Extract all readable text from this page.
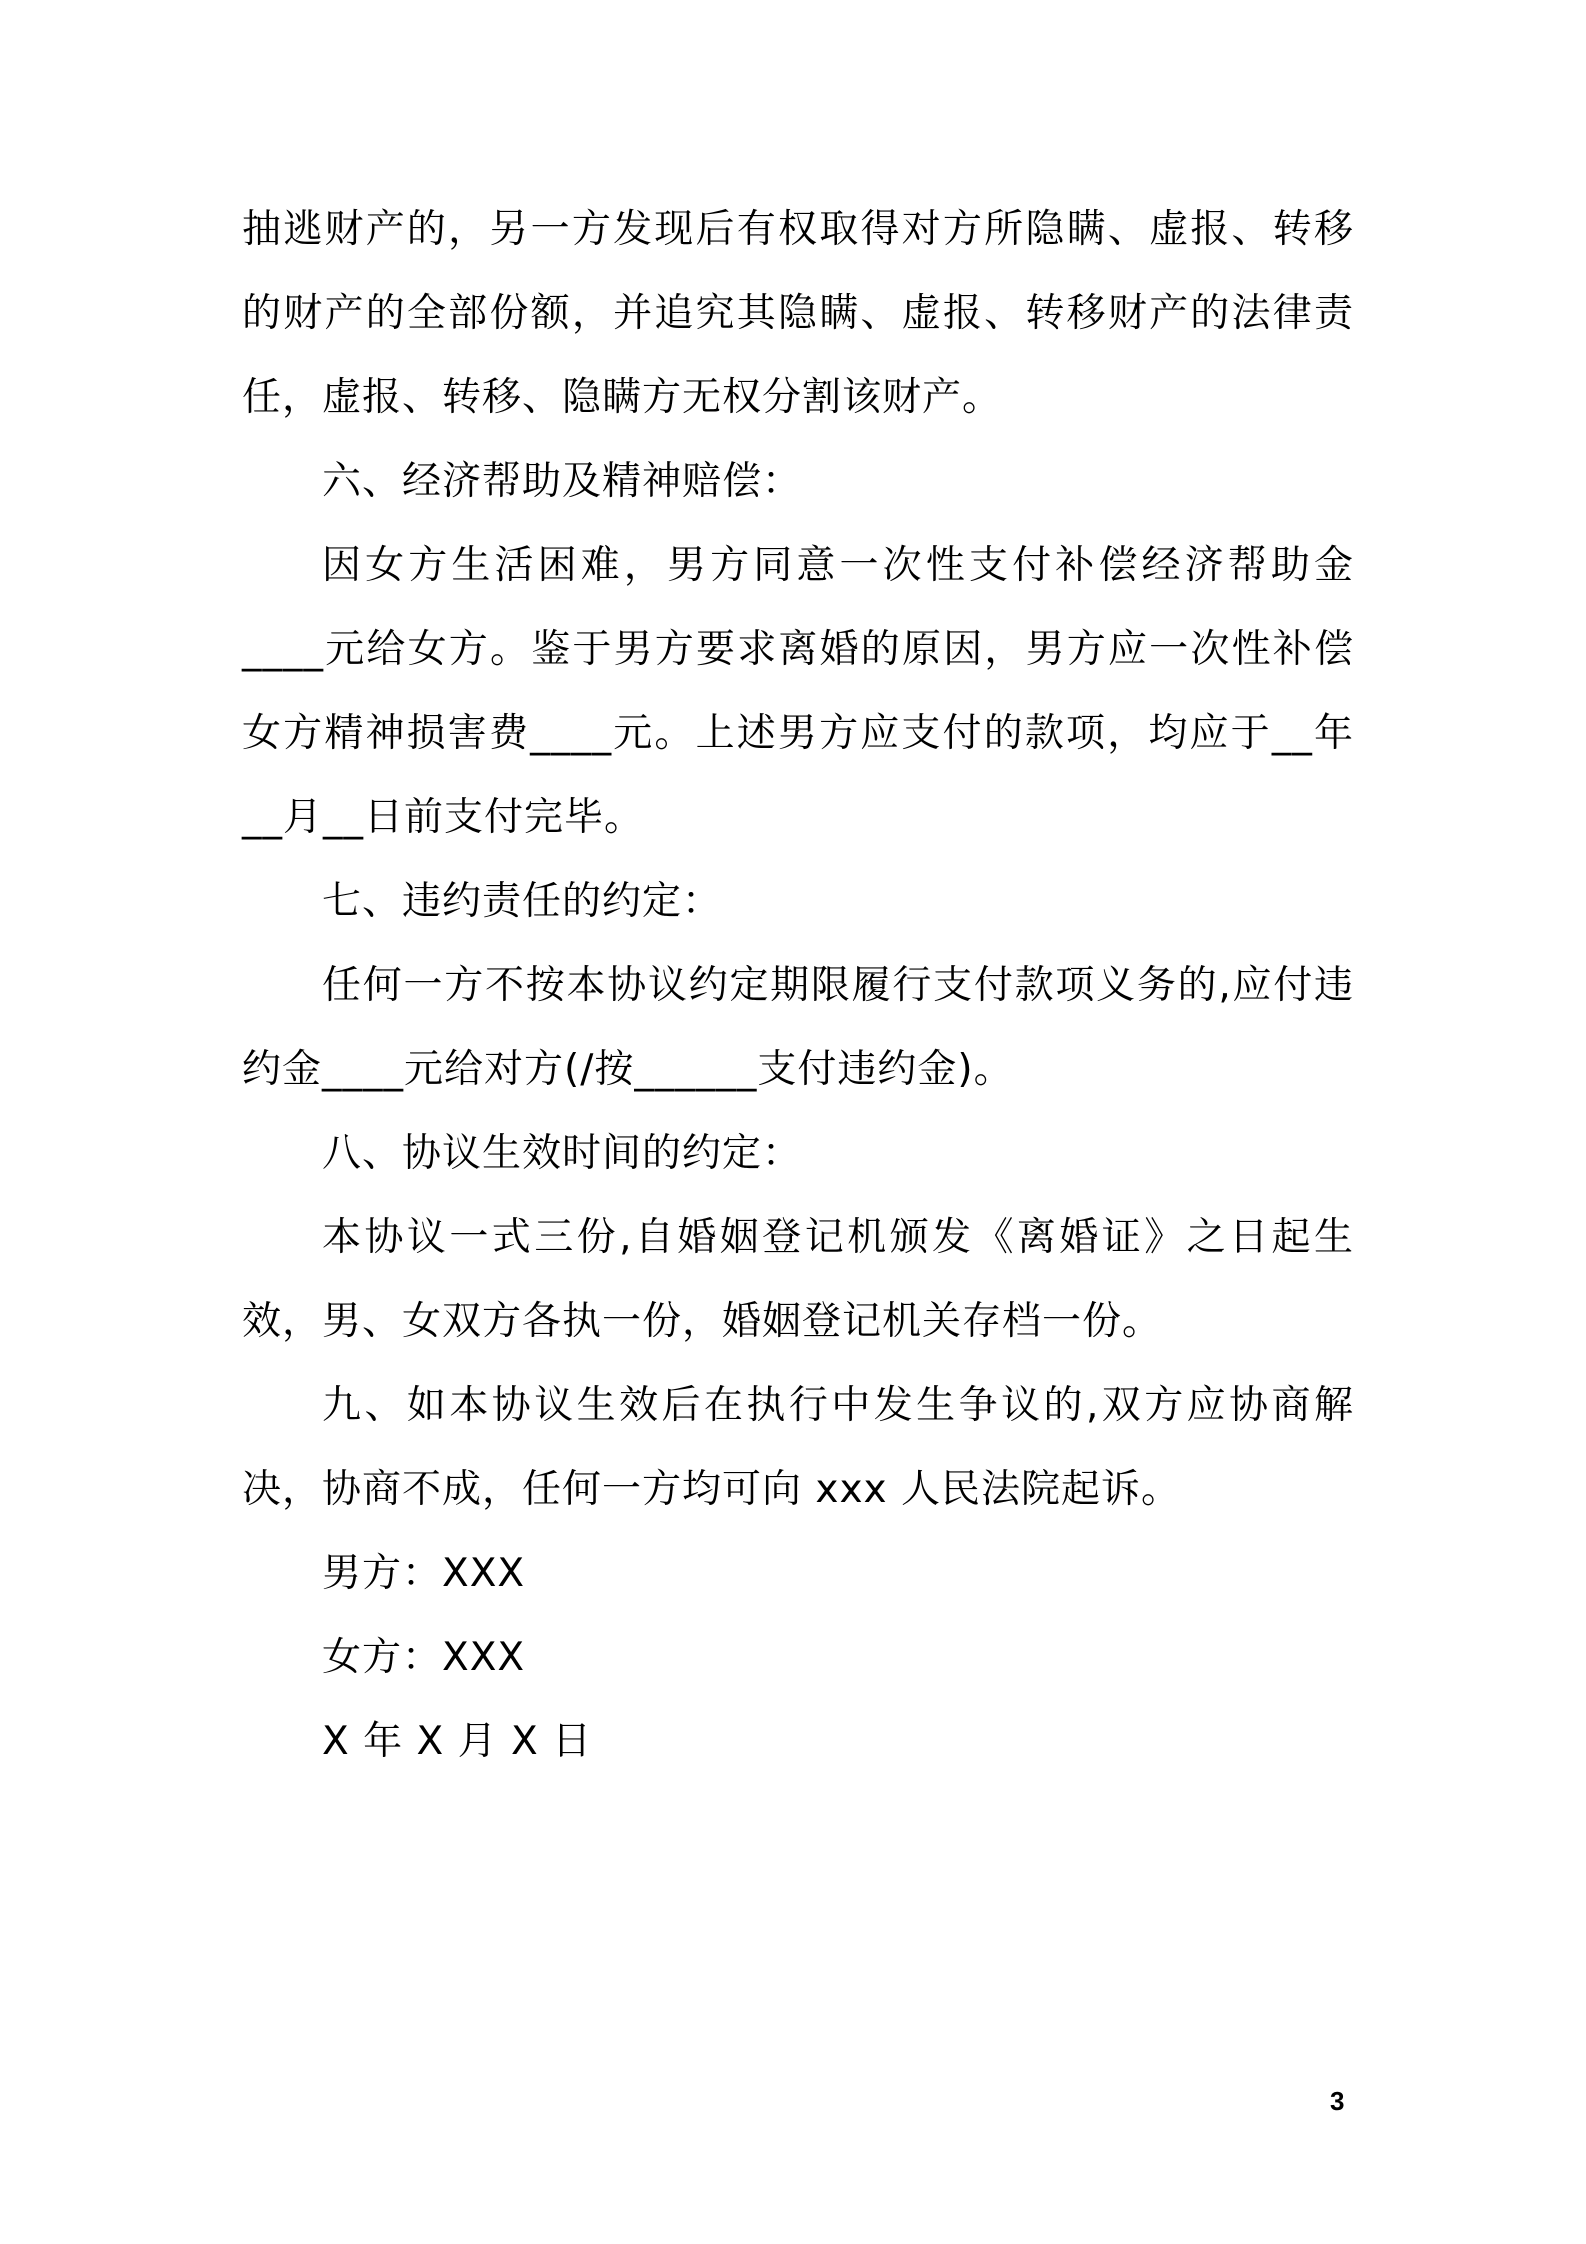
抽逃财产的，另一方发现后有权取得对方所隐瞒、虚报、转移的财产的全部份额，并追究其隐瞒、虚报、转移财产的法律责任，虚报、转移、隐瞒方无权分割该财产。

六、经济帮助及精神赔偿：

因女方生活困难，男方同意一次性支付补偿经济帮助金____元给女方。鉴于男方要求离婚的原因，男方应一次性补偿女方精神损害费____元。上述男方应支付的款项，均应于__年__月__日前支付完毕。

七、违约责任的约定：

任何一方不按本协议约定期限履行支付款项义务的,应付违约金____元给对方(/按______支付违约金)。

八、协议生效时间的约定：

本协议一式三份,自婚姻登记机颁发《离婚证》之日起生效，男、女双方各执一份，婚姻登记机关存档一份。

九、如本协议生效后在执行中发生争议的,双方应协商解决，协商不成，任何一方均可向 xxx 人民法院起诉。

男方：XXX
女方：XXX
X 年 X 月 X 日
3
